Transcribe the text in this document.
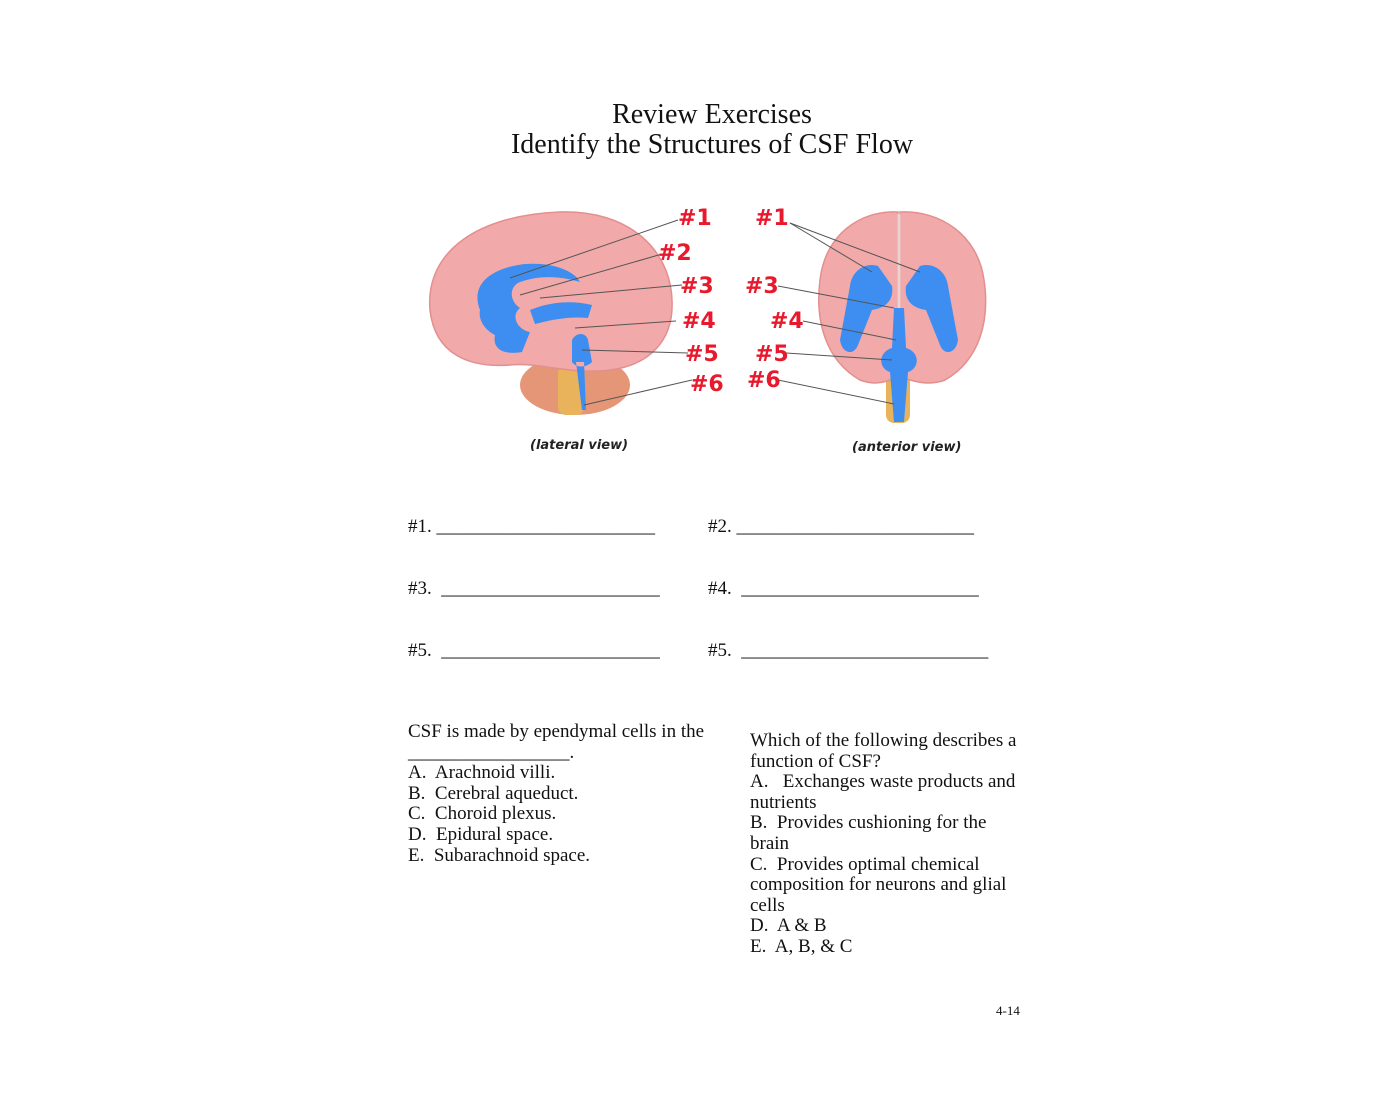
Review Exercises
Identify the Structures of CSF Flow
#1
#2
#3
#4
#5
#6
(lateral view)
#1
#3
#4
#5
#6
(anterior view)
#1. _______________________	#2. _________________________
#3.  _______________________	#4.  _________________________
#5.  _______________________	#5.  __________________________
CSF is made by ependymal cells in the _________________.
A.  Arachnoid villi.
B.  Cerebral aqueduct.
C.  Choroid plexus.
D.  Epidural space.
E.  Subarachnoid space.
Which of the following describes a function of CSF?
A.   Exchanges waste products and nutrients
B.  Provides cushioning for the brain
C.  Provides optimal chemical composition for neurons and glial cells
D.  A & B
E.  A, B, & C
4-14
